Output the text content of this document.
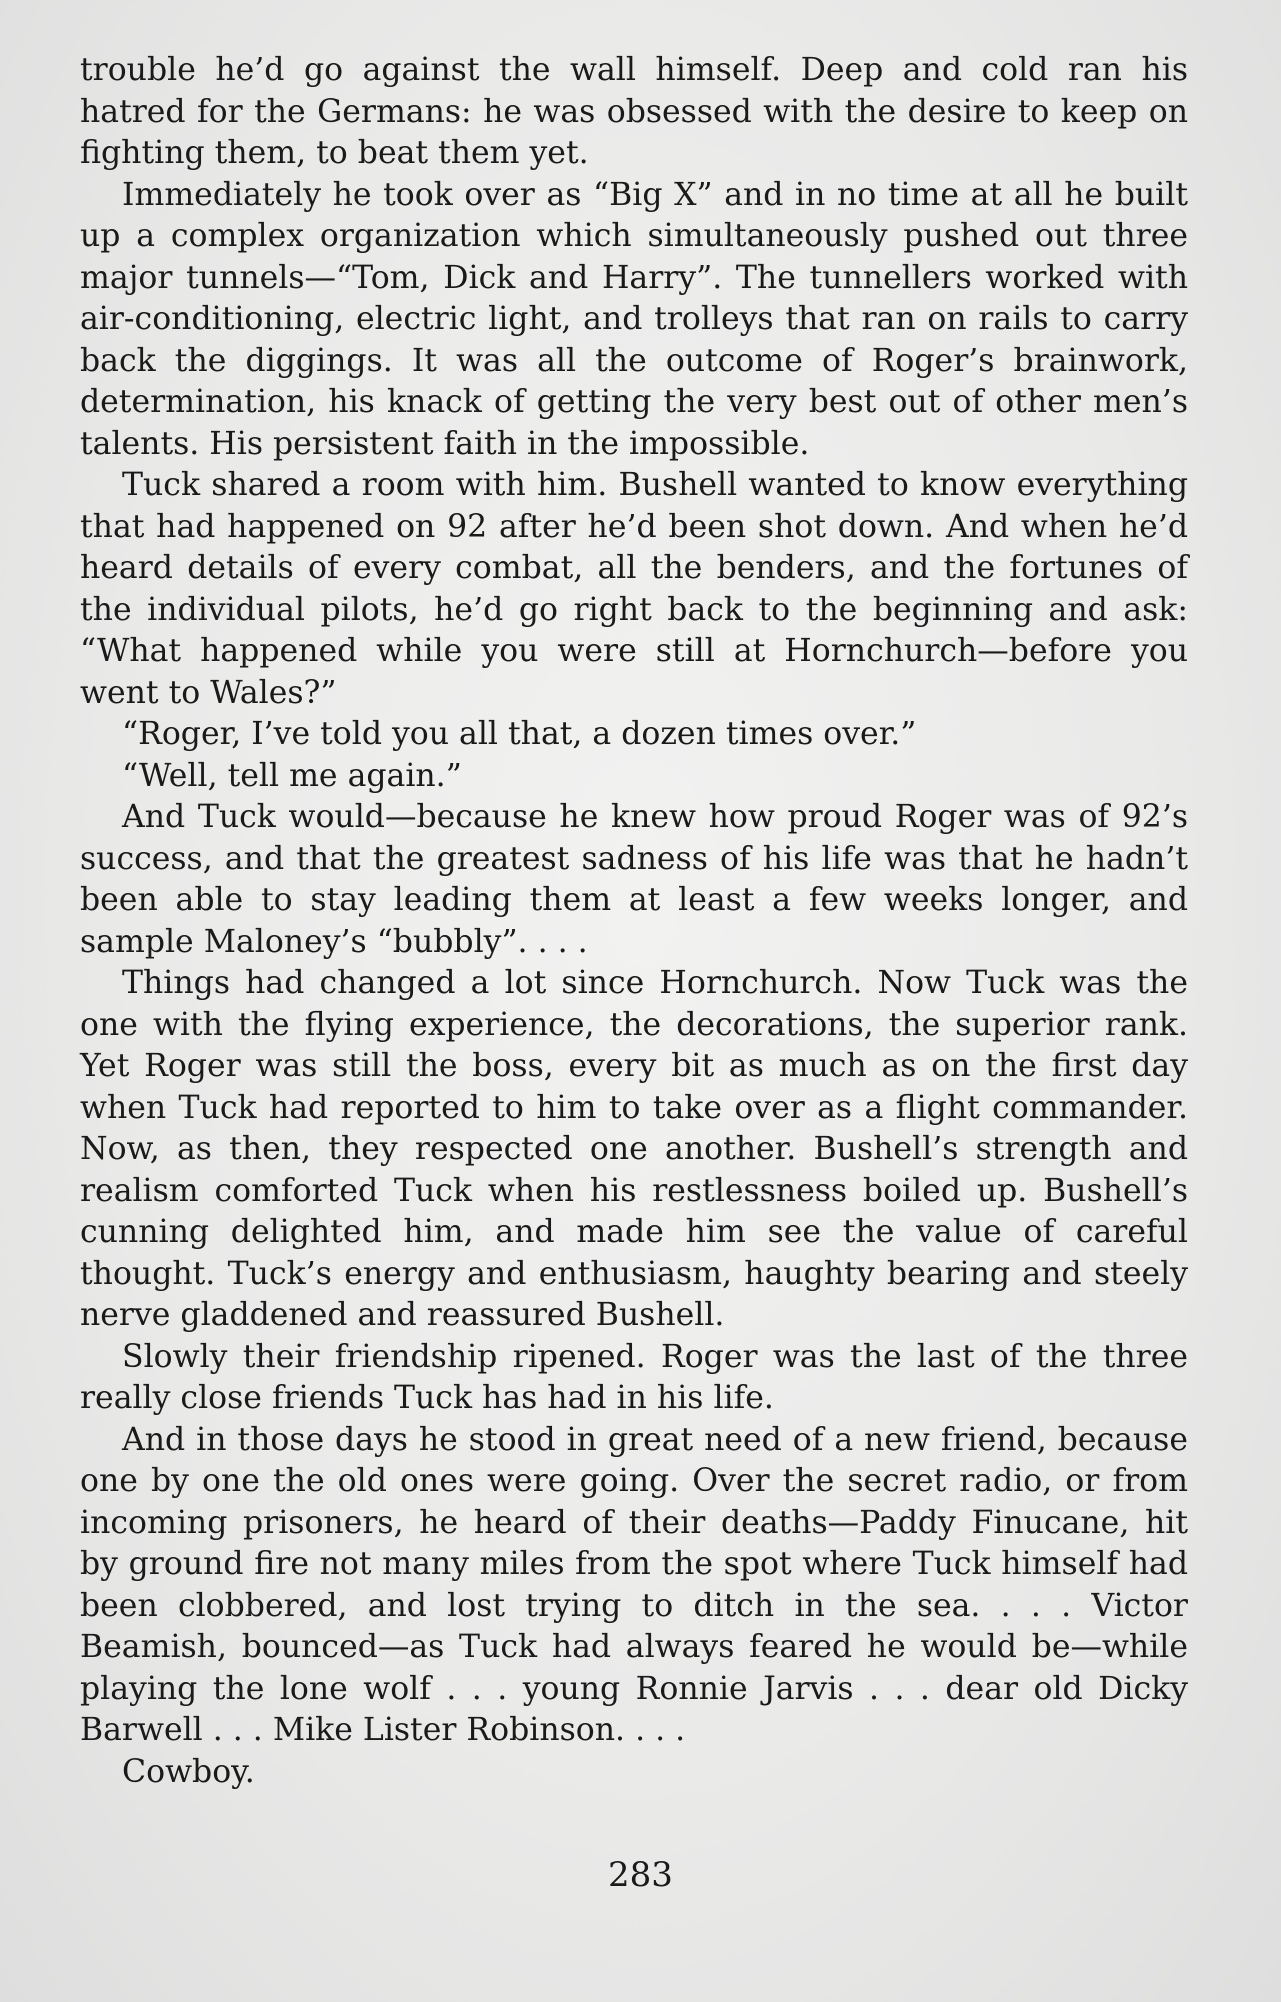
trouble he’d go against the wall himself. Deep and cold ran his hatred for the Germans: he was obsessed with the desire to keep on fighting them, to beat them yet.

Immediately he took over as “Big X” and in no time at all he built up a complex organization which simultaneously pushed out three major tunnels—“Tom, Dick and Harry”. The tunnellers worked with air-conditioning, electric light, and trolleys that ran on rails to carry back the diggings. It was all the outcome of Roger’s brainwork, determination, his knack of getting the very best out of other men’s talents. His persistent faith in the impossible.

Tuck shared a room with him. Bushell wanted to know everything that had happened on 92 after he’d been shot down. And when he’d heard details of every combat, all the benders, and the fortunes of the individual pilots, he’d go right back to the beginning and ask: “What happened while you were still at Hornchurch—before you went to Wales?”

“Roger, I’ve told you all that, a dozen times over.”

“Well, tell me again.”

And Tuck would—because he knew how proud Roger was of 92’s success, and that the greatest sadness of his life was that he hadn’t been able to stay leading them at least a few weeks longer, and sample Maloney’s “bubbly”. . . .

Things had changed a lot since Hornchurch. Now Tuck was the one with the flying experience, the decorations, the superior rank. Yet Roger was still the boss, every bit as much as on the first day when Tuck had reported to him to take over as a flight commander. Now, as then, they respected one another. Bushell’s strength and realism comforted Tuck when his restlessness boiled up. Bushell’s cunning delighted him, and made him see the value of careful thought. Tuck’s energy and enthusiasm, haughty bearing and steely nerve gladdened and reassured Bushell.

Slowly their friendship ripened. Roger was the last of the three really close friends Tuck has had in his life.

And in those days he stood in great need of a new friend, because one by one the old ones were going. Over the secret radio, or from incoming prisoners, he heard of their deaths—Paddy Finucane, hit by ground fire not many miles from the spot where Tuck himself had been clobbered, and lost trying to ditch in the sea. . . . Victor Beamish, bounced—as Tuck had always feared he would be—while playing the lone wolf . . . young Ronnie Jarvis . . . dear old Dicky Barwell . . . Mike Lister Robinson. . . .

Cowboy.

283
